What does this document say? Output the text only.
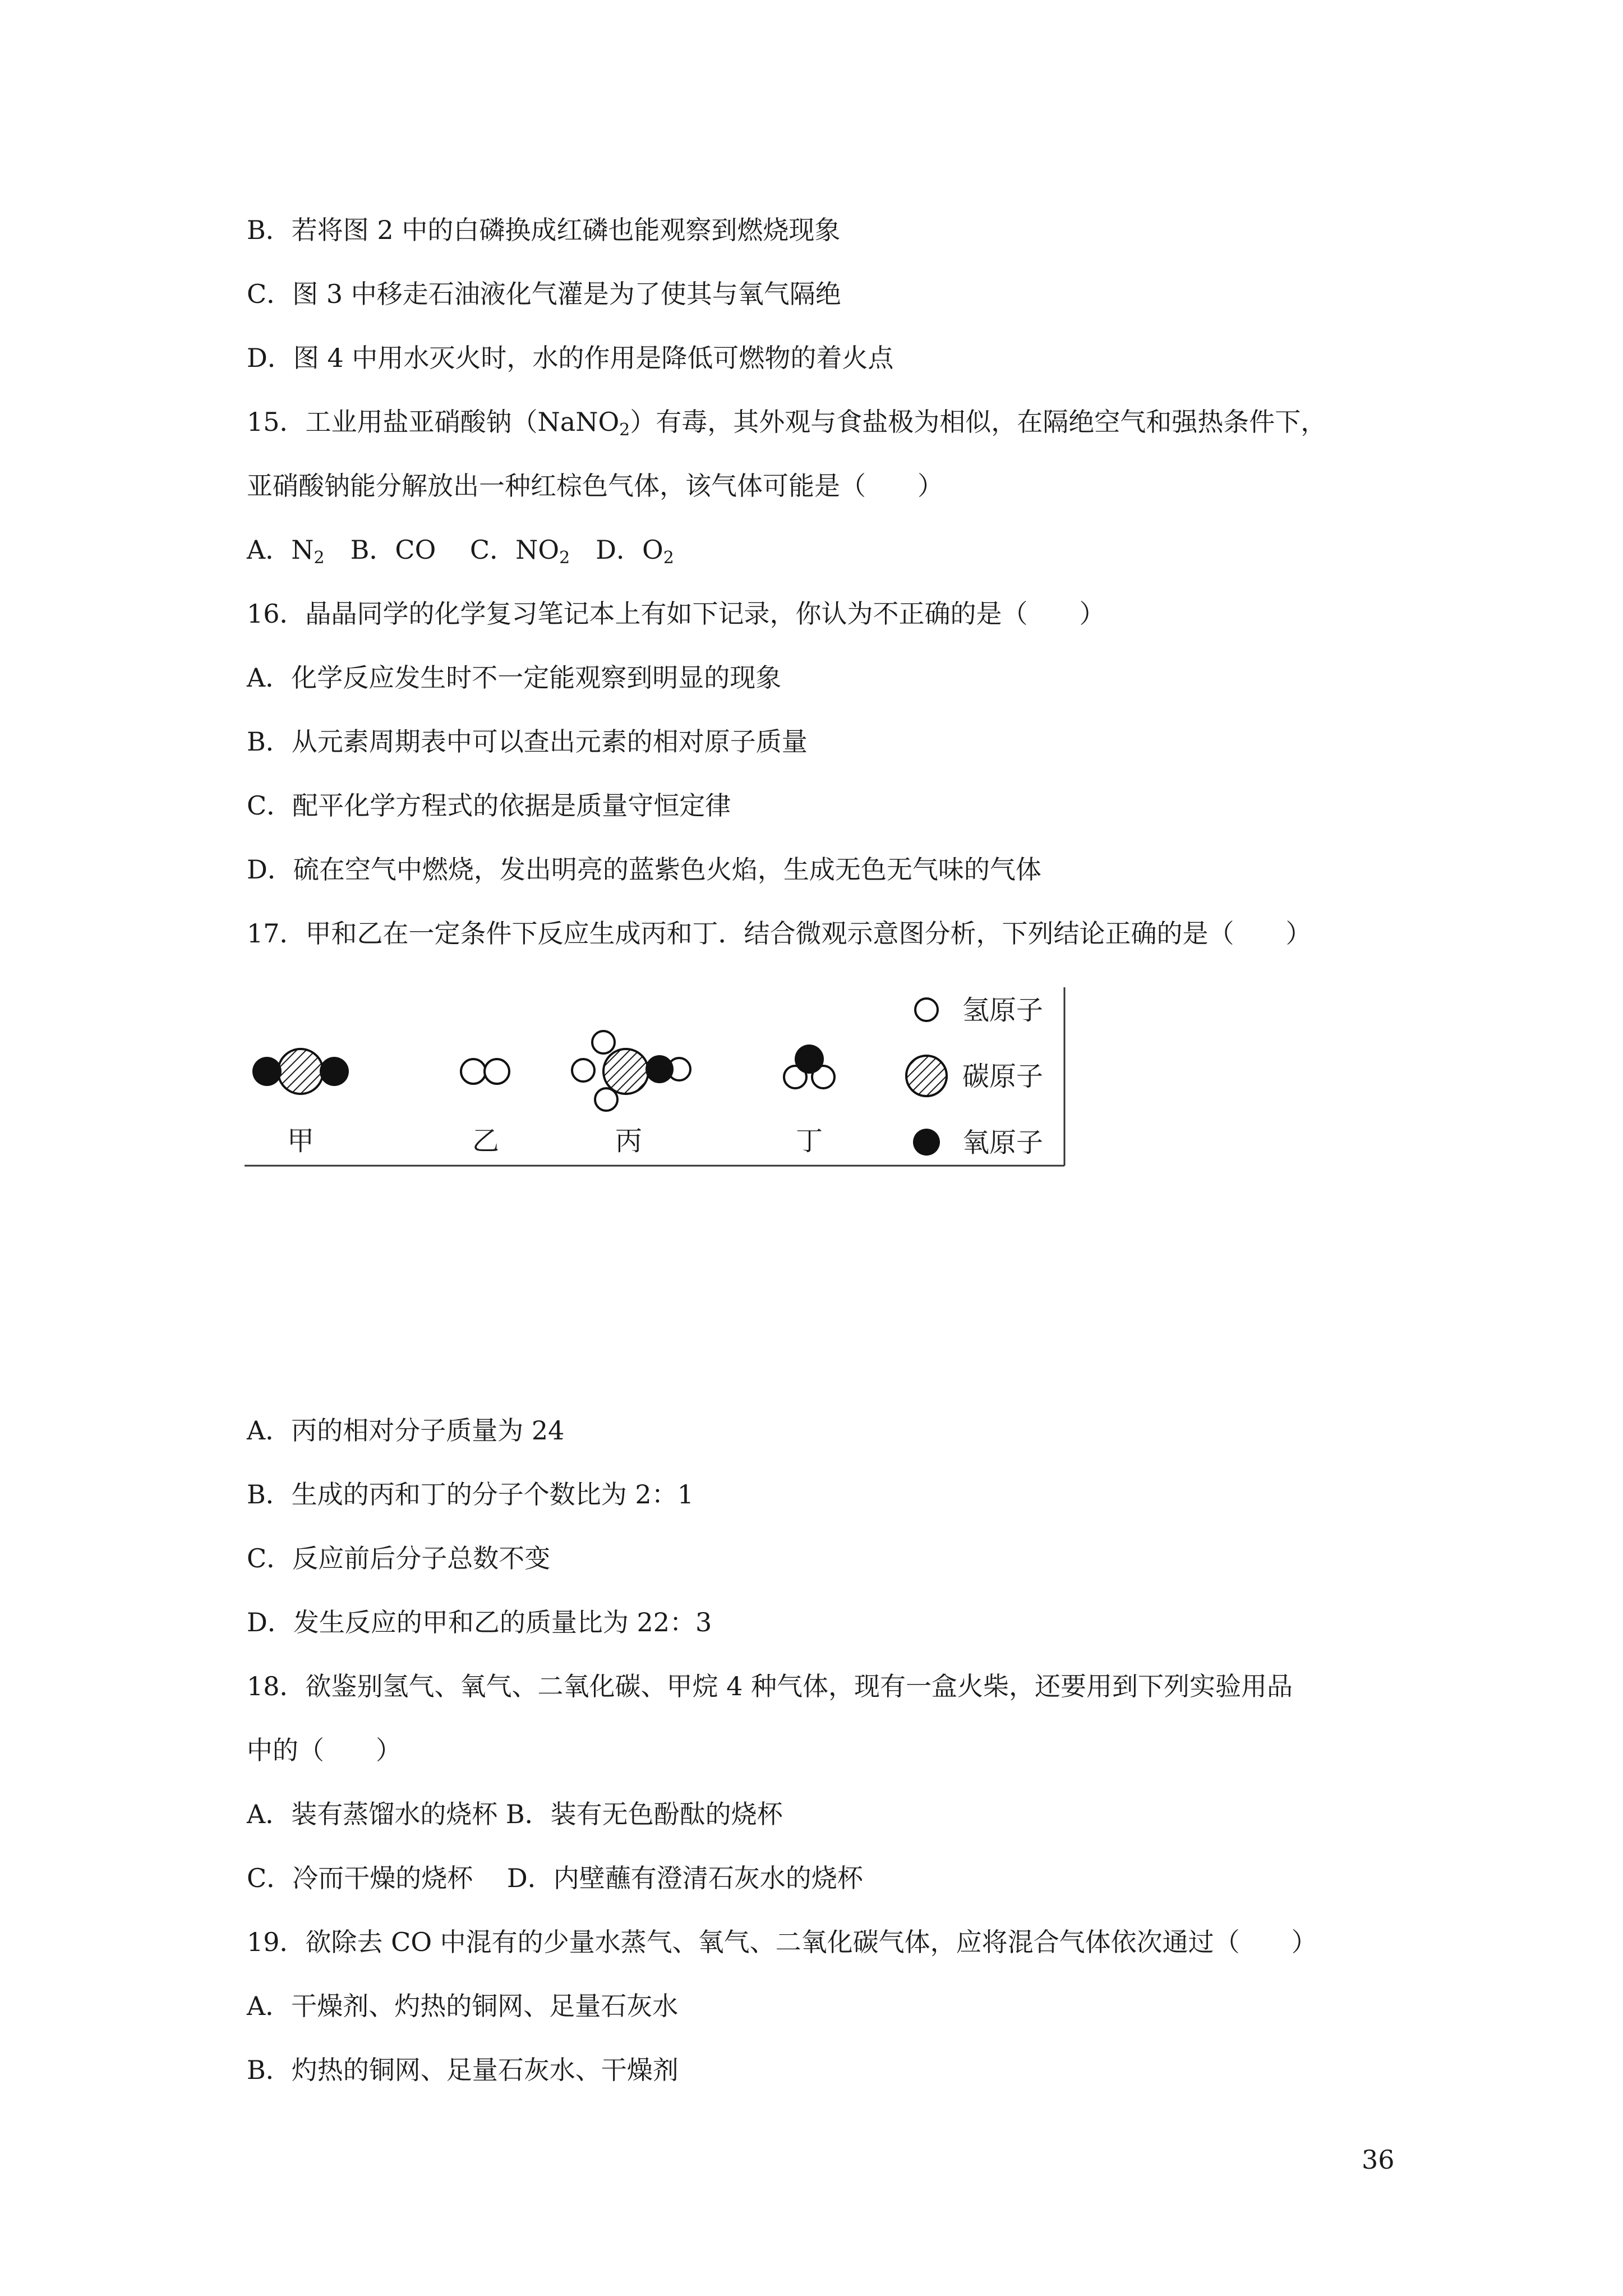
B．若将图 2 中的白磷换成红磷也能观察到燃烧现象
C．图 3 中移走石油液化气灌是为了使其与氧气隔绝
D．图 4 中用水灭火时，水的作用是降低可燃物的着火点
15．工业用盐亚硝酸钠（NaNO$_2$）有毒，其外观与食盐极为相似，在隔绝空气和强热条件下，
亚硝酸钠能分解放出一种红棕色气体，该气体可能是（　　）
A．$N_2$　B．CO　 C．$NO_2$　D．$O_2$
16．晶晶同学的化学复习笔记本上有如下记录，你认为不正确的是（　　）
A．化学反应发生时不一定能观察到明显的现象
B．从元素周期表中可以查出元素的相对原子质量
C．配平化学方程式的依据是质量守恒定律
D．硫在空气中燃烧，发出明亮的蓝紫色火焰，生成无色无气味的气体
17．甲和乙在一定条件下反应生成丙和丁．结合微观示意图分析，下列结论正确的是（　　）
甲	乙	丙	丁
氢原子
碳原子
氧原子
A．丙的相对分子质量为 24
B．生成的丙和丁的分子个数比为 2：1
C．反应前后分子总数不变
D．发生反应的甲和乙的质量比为 22：3
18．欲鉴别氢气、氧气、二氧化碳、甲烷 4 种气体，现有一盒火柴，还要用到下列实验用品
中的（　　）
A．装有蒸馏水的烧杯 B．装有无色酚酞的烧杯
C．冷而干燥的烧杯　 D．内壁蘸有澄清石灰水的烧杯
19．欲除去 CO 中混有的少量水蒸气、氧气、二氧化碳气体，应将混合气体依次通过（　　）
A．干燥剂、灼热的铜网、足量石灰水
B．灼热的铜网、足量石灰水、干燥剂
36
